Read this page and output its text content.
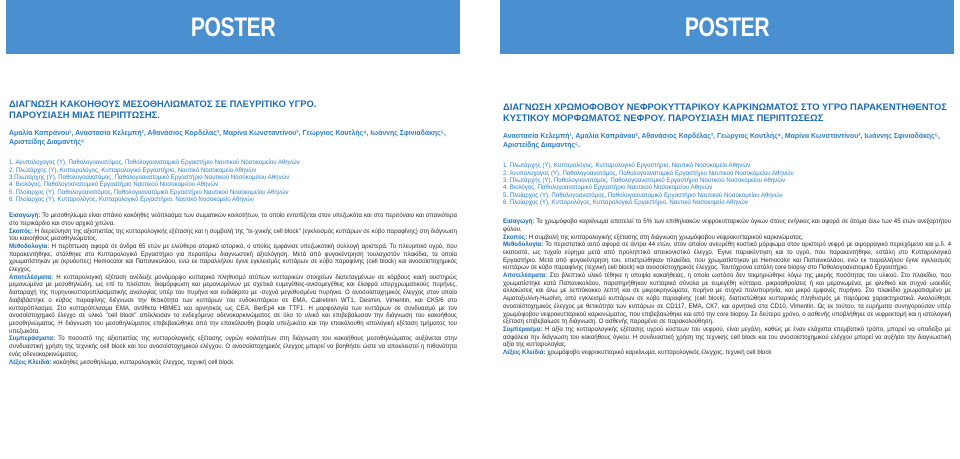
POSTER
ΔΙΑΓΝΩΣΗ ΚΑΚΟΗΘΟΥΣ ΜΕΣΟΘΗΛΙΩΜΑΤΟΣ ΣΕ ΠΛΕΥΡΙΤΙΚΟ ΥΓΡΟ.
ΠΑΡΟΥΣΙΑΣΗ ΜΙΑΣ ΠΕΡΙΠΤΩΣΗΣ.
Αμαλία Καπράνου¹, Αναστασία Κελεμπή², Αθανάσιος Κορδέλας³, Μαρίνα Κωνσταντίνου³, Γεώργιος Κουτλής⁴, Ιωάννης Σφινιαδάκης⁵, Αριστείδης Διαμαντής⁶
1. Ανυπολοχαγος (Υ), Παθολογοανατόμος, Παθολογοανατομικό Εργαστήριο Ναυτικού Νοσοκομείου Αθηνών
2. Πλωτάρχης (Υ), Κυτταρολόγος, Κυτταρολογικό Εργαστήριο, Ναυτικό Νοσοκομείο Αθηνών
3.Πλωτάρχης (Υ), Παθολογοανατόμος, Παθολογοανατομικό Εργαστήριο Ναυτικού Νοσοκομείου Αθηνών
4. Βιολόγος, Παθολογοανατομικό Εργαστήριο Ναυτικού Νοσοκομείου Αθηνών
5. Πλοίαρχος (Υ), Παθολογοανατόμος, Παθολογοανατομικό Εργαστήριο Ναυτικού Νοσοκομείου Αθηνών
6. Πλοίαρχος (Υ), Κυτταρολόγος, Κυτταρολογικό Εργαστήριο, Ναυτικό Νοσοκομείο Αθηνών
Εισαγωγή: Το μεσοθηλίωμα είναι σπάνιο κακόηθες νεόπλασμα των σωματικών κοιλοτήτων, το οποίο εντοπίζεται στον υπεζωκότα και στο περιτόναιο και σπανιότερα στο περικάρδιο και στον αρχικό χιτώνα.
Σκοπός: Η διερεύνηση της αξιοπιστίας της κυτταρολογικής εξέτασης και η συμβολή της "τε-χνικής cell block" (εγκλεισμός κυττάρων σε κύβο παραφίνης) στη διάγνωση του κακοήθους μεσοθηλιώματος.
Μεθοδολογία: Η περίπτωση αφορά σε άνδρα 65 ετών με ελεύθερο ατομικό ιστορικό, ο οποίος εμφάνισε υπεζωκοτική συλλογή αριστερά. Το πλευριτικό υγρό, που παρακεντήθηκε, στάλθηκε στο Κυτταρολογικό Εργαστήριο για περαιτέρω διαγνωστική αξιολόγηση. Μετά από φυγοκέντρηση τουλαχιστόν πλακίδια, τα οποία χρωματίστηκαν με (κρυόυπες) Hemocolor και Παπανικολάου, ενώ εκ παραλλήλου έγινε εγκλεισμός κυττάρων σε κύβο παραφίνης (cell block) και ανοσοϊστοχημικός έλεγχος.
Αποτελέσματα: Η κυτταρολογική εξέταση ανέδειξε μονόμορφο κυτταρικό πληθυσμό ατύπων κυτταρικών στοιχείων διατεταγμένων σε κόμβους και/ή αυστηρώς μεμονωμένα με μεσοθηλιώδη, ως επί το πλείστον, διαμόρφωση και μεμονωμένων με σχετικά ευμεγέθεις-ανισομεγέθεις και έλαφρά υπερχρωματικούς πυρήνες, διαταραχή της πυρηνοκυτταροπλασματικής αναλογίας υπέρ του πυρήνα και ευδιάκριτο με -συχνά μεγεθυσμένα πυρήνια. Ο ανοσοϊστοχημικός έλεγχος στον οποίο διαβιβάστηκε ο κύβος παραφίνης διέγνωσε την θετικότητα των κυττάρων του ενδοκυττάριου σε EMA, Calretinin WT1, Desmin, Vimentin, και CK5/6 στο κυτταρόπλασμα. Στο κυτταρόπλασμα EMA, αντίθετα HBME1 και αρνητικός ως CEA, BerEp4 και TTF1. Η μορφολογία των κυττάρων σε συνδυασμό με τον ανοσοϊστοχημικό έλεγχο σε υλικό "cell block" απέκλεισαν το ενδεχόμενο αδενοκαρκινώματος σε όλο το υλικό και επιβεβαίωσαν την διάγνωση του κακοήθους μεσοθηλιώματος. Η διάγνωση του μεσοθηλιώματος επιβεβαιώθηκε από την επακόλουθη βιοψία υπεζωκότα και την επακόλουθη ιστολογική εξέταση τμήματος του υπεζωκότα.
Συμπεράσματα: Το ποσοστό της αξιοπιστίας της κυτταρολογικής εξέτασης υγρών κοιλοτήτων στη διάγνωση του κακοήθους μεσοθηλιώματος αυξάνεται στην συνδυαστική χρήση της τεχνικής cell block και του ανοσοϊστοχημικού ελέγχου. Ο ανοσοϊστοχημικός έλεγχος μπορεί να βοηθήσει ώστε να αποκλειστεί η πιθανότητα ενός αδενοκαρκινώματος.
Λέξεις Κλειδιά: κακόηθες μεσοθηλίωμα, κυτταρολογικός έλεγχος, τεχνική cell block
POSTER
ΔΙΑΓΝΩΣΗ ΧΡΩΜΟΦΟΒΟΥ ΝΕΦΡΟΚΥΤΤΑΡΙΚΟΥ ΚΑΡΚΙΝΩΜΑΤΟΣ ΣΤΟ ΥΓΡΟ ΠΑΡΑΚΕΝΤΗΘΕΝΤΟΣ
ΚΥΣΤΙΚΟΥ ΜΟΡΦΩΜΑΤΟΣ ΝΕΦΡΟΥ. ΠΑΡΟΥΣΙΑΣΗ ΜΙΑΣ ΠΕΡΙΠΤΩΣΕΩΣ
Αναστασία Κελεμπή¹, Αμαλία Καπράνου², Αθανάσιος Κορδέλας³, Γεώργιος Κουτλής⁴, Μαρίνα Κωνσταντίνου³, Ιωάννης Σφινιαδάκης⁵, Αριστείδης Διαμαντής⁶.
1. Πλωτάρχης (Υ), Κυτταρολόγος, Κυτταρολογικό Εργαστήριο, Ναυτικό Νοσοκομείο Αθηνών
2. Ανυπολοχαγος (Υ), Παθολογοανατόμος, Παθολογοανατομικό Εργαστήριο Ναυτικού Νοσοκομείου Αθηνών
3. Πλωτάρχης (Υ), Παθολογοανατόμος, Παθολογοανατομικό Εργαστήριο Ναυτικού Νοσοκομείου Αθηνών
4. Βιολόγος, Παθολογοανατομικό Εργαστήριο Ναυτικού Νοσοκομείου Αθηνών
5. Πλοίαρχος (Υ), Παθολογοανατόμος, Παθολογοανατομικό Εργαστήριο Ναυτικού Νοσοκομείου Αθηνών
6. Πλοίαρχος (Υ), Κυτταρολόγος, Κυτταρολογικό Εργαστήριο, Ναυτικό Νοσοκομείο Αθηνών
Εισαγωγή: Το χρωμόφοβο καρκίνωμα αποτελεί το 5% των επιθηλιακών νεφροκυτταρικών όγκων στους ενήλικες και αφορά σε άτομα άνω των 45 ετών ανεξαρτήτου φύλου.
Σκοπός: Η συμβολή της κυτταρολογικής εξέτασης στη διάγνωση χρωμόφοβου νεφροκυτταρικού καρκινώματος.
Μεθοδολογία: Το περιστατικό αυτό αφορά σε άντρα 44 ετών, στον οποίον ανευρέθη κυστικό μόρφωμα στον αριστερό νεφρό με αιμορραγικό περιεχόμενο και μ.δ. 4 εκατοστά, ως τυχαίο εύρημα μετά από προληπτικό απεικονιστικό έλεγχο. Έγινε παρακέντηση και το υγρό, που παρακεντήθηκε, εστάλη στο Κυτταρολογικό Εργαστήριο. Μετά από φυγοκέντρηση του, επιστρώθηκαν πλακίδια, που χρωματίστηκαν με Hemocolor και Παπανικολάου, ενώ εκ παραλλήλου έγινε εγκλεισμός κυττάρων σε κύβο παραφίνης (τεχνική cell block) και ανοσοϊστοχημικός έλεγχος. Ταυτόχρονα εστάλη core biopsy στο Παθολογοανατομικό Εργαστήριο.
Αποτελέσματα: Στο βλεπτικό υλικό τέθηκε η υποψία κακοήθειας, η οποία ωστόσο δεν τεκμηριώθηκε λόγω της μικρής ποσότητας του υλικού. Στο πλακίδιο, που χρωματίστηκε κατά Παπανικολάου, παρατηρήθηκαν κυτταρικά σύνολα με ευμεγέθη κύτταρα, μικροαθροίσεις ή και μεμονωμένα, με φλεθικό και συχνά ωοειδές αλλοιώσεις και άλω με λεπτόκοκκο λεπτή και σε μικροκρηνώματα, πυρήνα με συχνά πολυπυρηνία, και μικρό εμφανές πυρήνιο. Στο πλακίδιο χρωματισμένο με Αιματοξυλίνη-Ηωσίνη, από εγκλεισμό κυττάρων σε κύβο παραφίνης (cell block), διαπιστώθηκε κυτταρικός πληθυσμός με παρόμοια χαρακτηριστικά. Ακολούθησε ανοσοϊστοχημικός έλεγχος με θετικότητα των κυττάρων σε CD117, EMA, CK7, και αρνητικά στα CD10, Vimentin. Ως εκ τούτου, τα ευρήματα συνηγορούσαν υπέρ χρωμόφοβου νεφροκυτταρικού καρκινώματος, που επιβεβαιώθηκε και από την core biopsy. Σε δεύτερο χρόνο, ο ασθενής υποβλήθηκε σε νεφρεκτομή και η ιστολογική εξέταση επιβεβαίωσε τη διάγνωση. Ο ασθενής παραμένει σε παρακολούθηση.
Συμπέρασμα: Η αξία της κυτταρολογικής εξέτασης υγρού κύστεων του νεφρού, είναι μεγάλη, καθώς με έναν ελάχιστα επεμβατικό τρόπο, μπορεί να υποδείξει με ασφάλεια την διάγνωση του κακοήθους όγκου. Η συνδυαστική χρήση της τεχνικής cell block και του ανοσοϊστοχημικού ελέγχου μπορεί να αυξήσει την διαγνωστική αξία της κυτταρολογίας.
Λέξεις Κλειδιά: χρωμόφοβο νεφροκυτταρικό καρκίνωμα, κυτταρολογικός έλεγχος, τεχνική cell block
